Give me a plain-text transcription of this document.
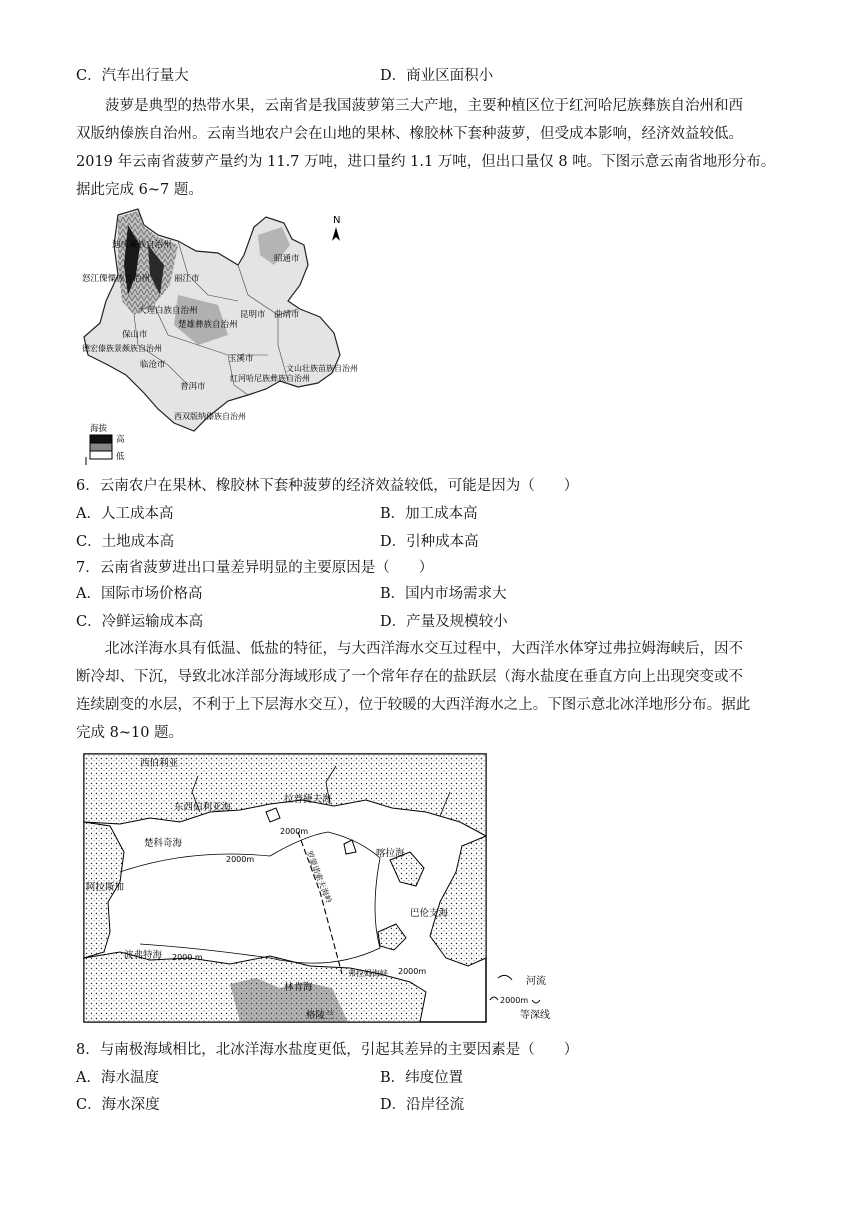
C．汽车出行量大	D．商业区面积小

菠萝是典型的热带水果，云南省是我国菠萝第三大产地，主要种植区位于红河哈尼族彝族自治州和西

双版纳傣族自治州。云南当地农户会在山地的果林、橡胶林下套种菠萝，但受成本影响，经济效益较低。

2019 年云南省菠萝产量约为 11.7 万吨，进口量约 1.1 万吨，但出口量仅 8 吨。下图示意云南省地形分布。

据此完成 6~7 题。

N
迪庆藏族自治州
怒江傈僳族自治州	丽江市
大理白族自治州
昭通市
保山市
楚雄彝族自治州
昆明市 曲靖市
德宏傣族景颇族自治州
临沧市
玉溪市
普洱市
红河哈尼族彝族自治州
文山壮族苗族自治州
西双版纳傣族自治州
海拔
高
低
6．云南农户在果林、橡胶林下套种菠萝的经济效益较低，可能是因为（　　）
A．人工成本高	B．加工成本高
C．土地成本高	D．引种成本高
7．云南省菠萝进出口量差异明显的主要原因是（　　）
A．国际市场价格高	B．国内市场需求大
C．冷鲜运输成本高	D．产量及规模较小

北冰洋海水具有低温、低盐的特征，与大西洋海水交互过程中，大西洋水体穿过弗拉姆海峡后，因不

断冷却、下沉，导致北冰洋部分海域形成了一个常年存在的盐跃层（海水盐度在垂直方向上出现突变或不

连续剧变的水层，不利于上下层海水交互），位于较暖的大西洋海水之上。下图示意北冰洋地形分布。据此

完成 8~10 题。

西伯利亚
东西伯利亚海
拉普捷夫海
楚科奇海
喀拉海
阿拉斯加
巴伦支海
波弗特海
格陵兰
林肯海
弗拉姆海峡
罗蒙诺索夫海岭
2000m
2000m
2000 m
2000m
河流
2000m
等深线
8．与南极海域相比，北冰洋海水盐度更低，引起其差异的主要因素是（　　）
A．海水温度	B．纬度位置
C．海水深度	D．沿岸径流
